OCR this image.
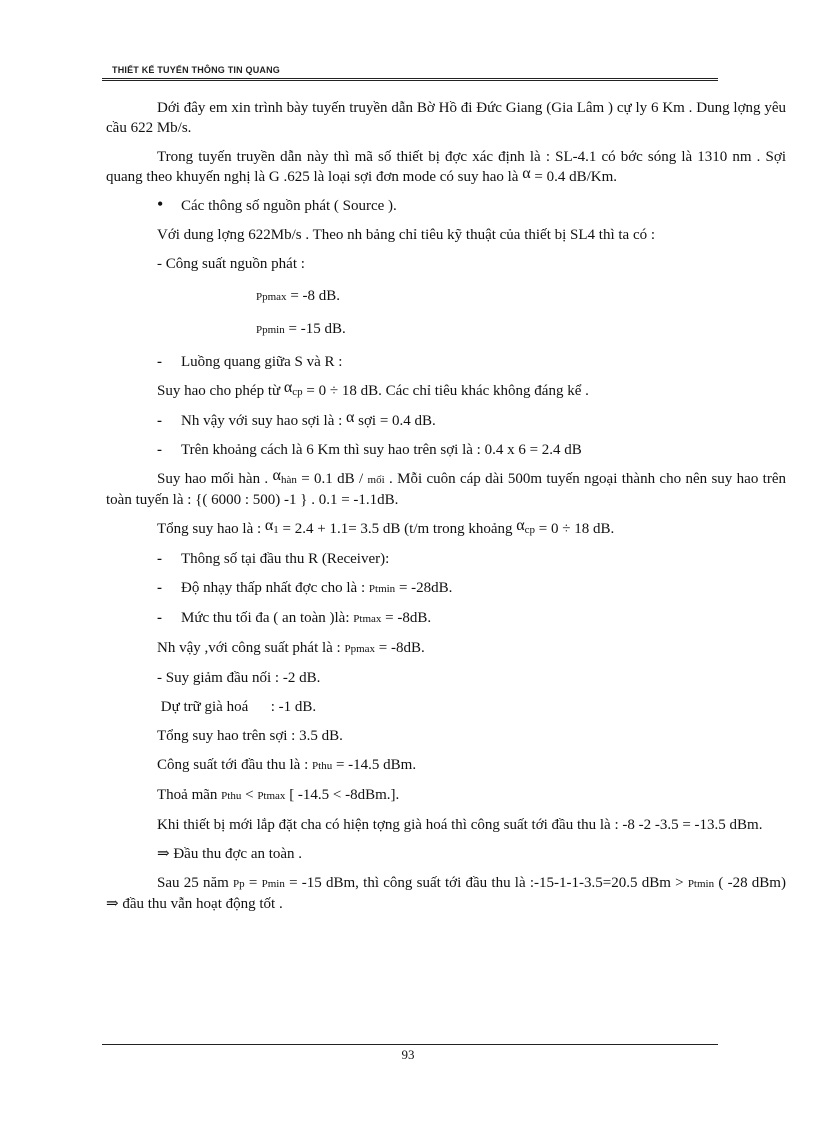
THIẾT KẾ TUYẾN THÔNG TIN QUANG

Dới đây em xin trình bày tuyến truyền dẫn Bờ Hồ đi Đức Giang (Gia Lâm ) cự ly 6 Km . Dung lợng yêu cầu 622 Mb/s.

Trong tuyến truyền dẫn này thì mã số thiết bị đợc xác định là : SL-4.1 có bớc sóng là 1310 nm . Sợi quang theo khuyến nghị là G .625 là loại sợi đơn mode có suy hao là α = 0.4 dB/Km.

• Các thông số nguồn phát ( Source ).

Với dung lợng 622Mb/s . Theo nh bảng chỉ tiêu kỹ thuật của thiết bị SL4 thì ta có :

- Công suất nguồn phát :

Ppmax = -8 dB.
Ppmin = -15 dB.
- Luồng quang giữa S và R :

Suy hao cho phép từ αcp = 0 ÷ 18 dB. Các chỉ tiêu khác không đáng kể .

- Nh vậy với suy hao sợi là : α sợi = 0.4 dB.
- Trên khoảng cách là 6 Km thì suy hao trên sợi là : 0.4 x 6 = 2.4 dB

Suy hao mối hàn . αhàn = 0.1 dB / mối . Mỗi cuôn cáp dài 500m tuyến ngoại thành cho nên suy hao trên toàn tuyến là : {( 6000 : 500) -1 } . 0.1 = -1.1dB.

Tổng suy hao là : α1 = 2.4 + 1.1= 3.5 dB (t/m trong khoảng αcp = 0 ÷ 18 dB.

- Thông số tại đầu thu R (Receiver):
- Độ nhạy thấp nhất đợc cho là : Ptmin = -28dB.
- Mức thu tối đa ( an toàn )là: Ptmax = -8dB.

Nh vậy ,với công suất phát là : Ppmax = -8dB.

- Suy giảm đầu nối : -2 dB.

Dự trữ già hoá      : -1 dB.

Tổng suy hao trên sợi : 3.5 dB.

Công suất tới đầu thu là : Pthu = -14.5 dBm.

Thoả mãn Pthu < Ptmax [ -14.5 < -8dBm.].

Khi thiết bị mới lắp đặt cha có hiện tợng già hoá thì công suất tới đầu thu là : -8 -2 -3.5 = -13.5 dBm.

⇒ Đầu thu đợc an toàn .

Sau 25 năm Pp = Pmin = -15 dBm, thì công suất tới đầu thu là :-15-1-1-3.5=20.5 dBm > Ptmin ( -28 dBm) ⇒ đầu thu vẫn hoạt động tốt .

93
